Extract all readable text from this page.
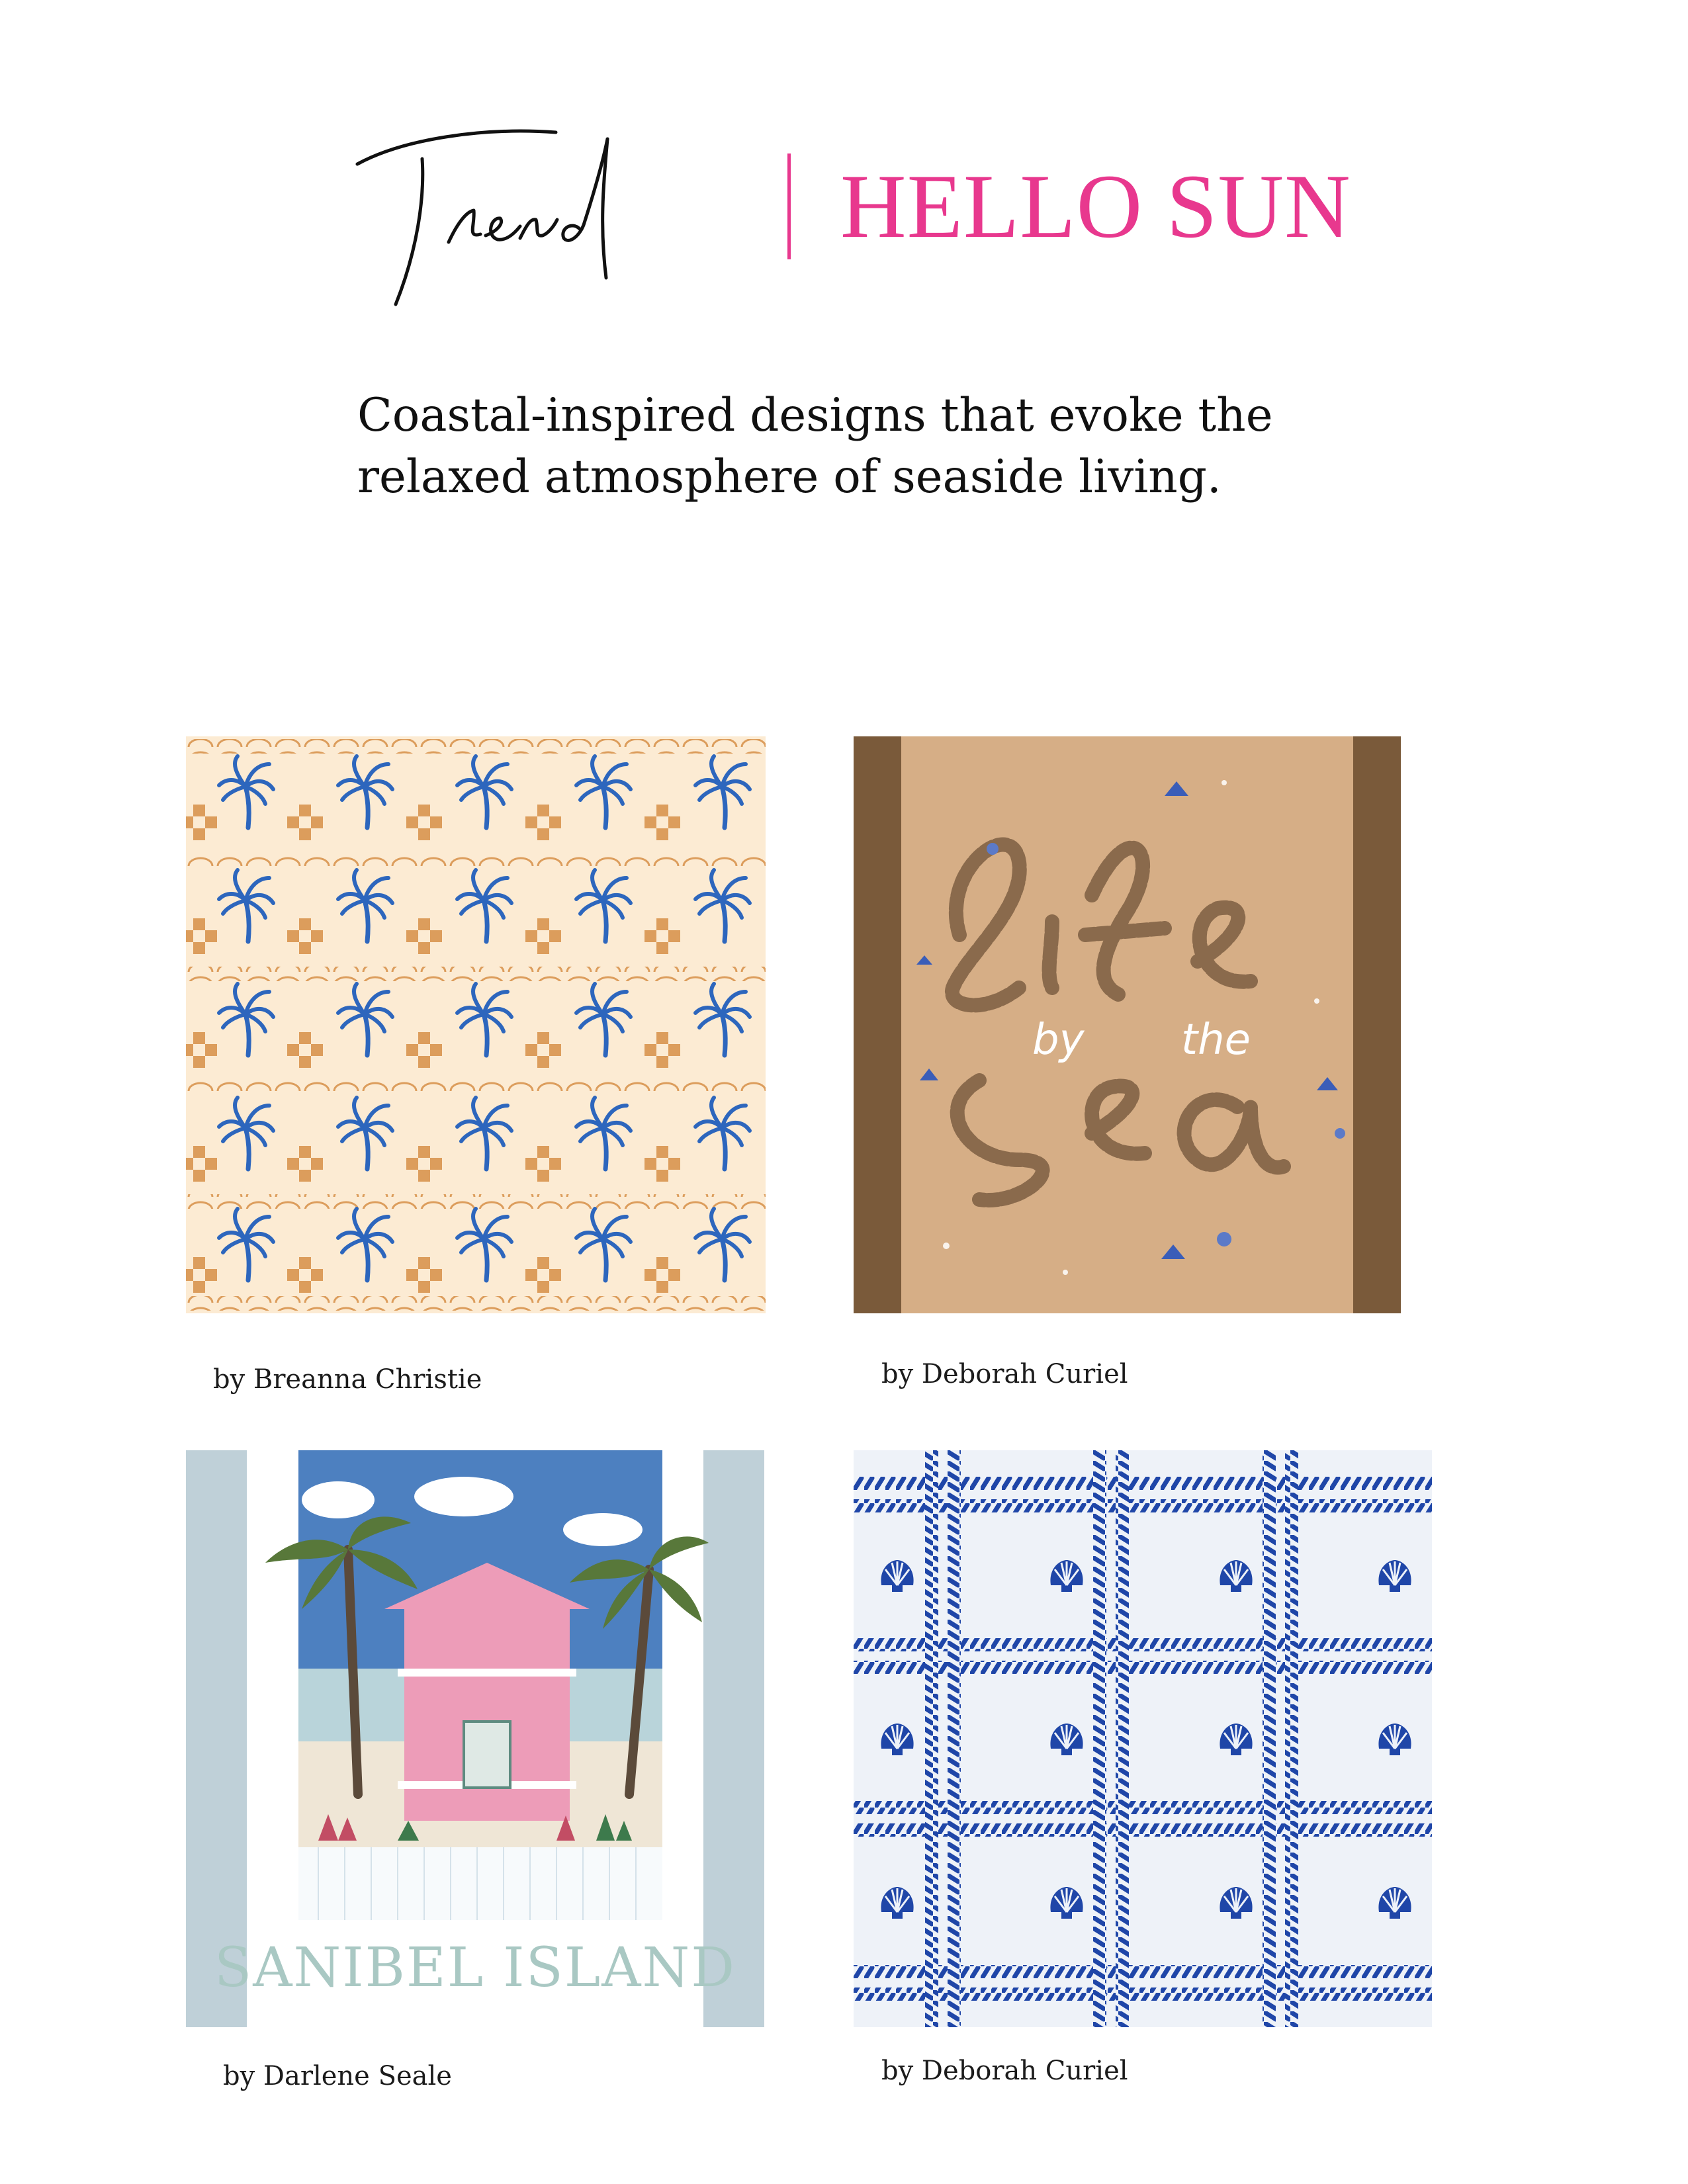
HELLO SUN
Coastal-inspired designs that evoke the
relaxed atmosphere of seaside living.
by Breanna Christie
by the
by Deborah Curiel
SANIBEL ISLAND
by Darlene Seale	by Deborah Curiel
